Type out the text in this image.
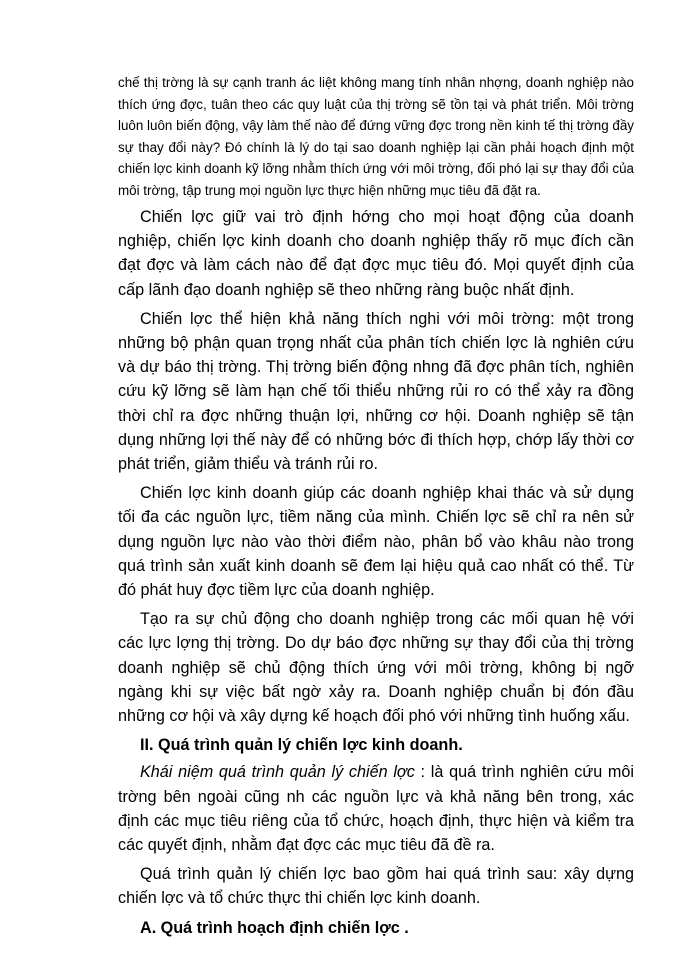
chế thị trờng là sự cạnh tranh ác liệt không mang tính nhân nhợng, doanh nghiệp nào thích ứng đợc, tuân theo các quy luật của thị trờng sẽ tồn tại và phát triển. Môi trờng luôn luôn biến động, vậy làm thế nào để đứng vững đợc trong nền kinh tế thị trờng đầy sự thay đổi này? Đó chính là lý do tại sao doanh nghiệp lại cần phải hoạch định một chiến lợc kinh doanh kỹ lỡng nhằm thích ứng với môi trờng, đối phó lại sự thay đổi của môi trờng, tập trung mọi nguồn lực thực hiện những mục tiêu đã đặt ra.

Chiến lợc giữ vai trò định hớng cho mọi hoạt động của doanh nghiệp, chiến lợc kinh doanh cho doanh nghiệp thấy rõ mục đích cần đạt đợc và làm cách nào để đạt đợc mục tiêu đó. Mọi quyết định của cấp lãnh đạo doanh nghiệp sẽ theo những ràng buộc nhất định.

Chiến lợc thể hiện khả năng thích nghi với môi trờng: một trong những bộ phận quan trọng nhất của phân tích chiến lợc là nghiên cứu và dự báo thị trờng. Thị trờng biến động nhng đã đợc phân tích, nghiên cứu kỹ lỡng sẽ làm hạn chế tối thiểu những rủi ro có thể xảy ra đồng thời chỉ ra đợc những thuận lợi, những cơ hội. Doanh nghiệp sẽ tận dụng những lợi thế này để có những bớc đi thích hợp, chớp lấy thời cơ phát triển, giảm thiểu và tránh rủi ro.

Chiến lợc kinh doanh giúp các doanh nghiệp khai thác và sử dụng tối đa các nguồn lực, tiềm năng của mình. Chiến lợc sẽ chỉ ra nên sử dụng nguồn lực nào vào thời điểm nào, phân bổ vào khâu nào trong quá trình sản xuất kinh doanh sẽ đem lại hiệu quả cao nhất có thể. Từ đó phát huy đợc tiềm lực của doanh nghiệp.

Tạo ra sự chủ động cho doanh nghiệp trong các mối quan hệ với các lực lợng thị trờng. Do dự báo đợc những sự thay đổi của thị trờng doanh nghiệp sẽ chủ động thích ứng với môi trờng, không bị ngỡ ngàng khi sự việc bất ngờ xảy ra. Doanh nghiệp chuẩn bị đón đầu những cơ hội và xây dựng kế hoạch đối phó với những tình huống xấu.

II. Quá trình quản lý chiến lợc kinh doanh.

Khái niệm quá trình quản lý chiến lợc : là quá trình nghiên cứu môi trờng bên ngoài cũng nh các nguồn lực và khả năng bên trong, xác định các mục tiêu riêng của tổ chức, hoạch định, thực hiện và kiểm tra các quyết định, nhằm đạt đợc các mục tiêu đã đề ra.

Quá trình quản lý chiến lợc bao gồm hai quá trình sau: xây dựng chiến lợc và tổ chức thực thi chiến lợc kinh doanh.

A. Quá trình hoạch định chiến lợc .
